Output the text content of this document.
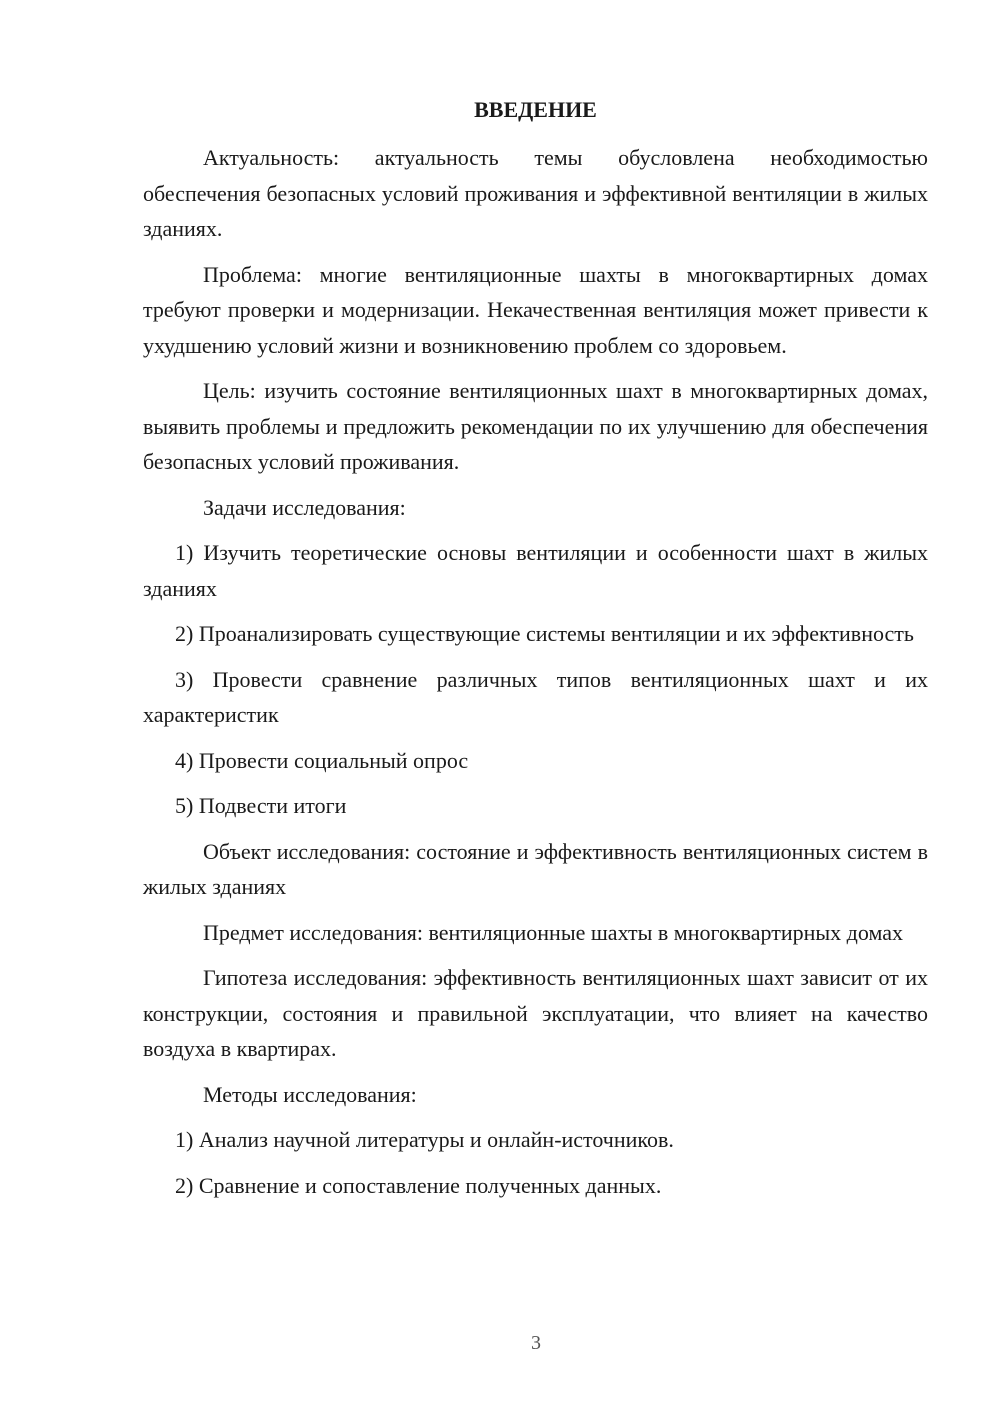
ВВЕДЕНИЕ

Актуальность: актуальность темы обусловлена необходимостью обеспечения безопасных условий проживания и эффективной вентиляции в жилых зданиях.

Проблема: многие вентиляционные шахты в многоквартирных домах требуют проверки и модернизации. Некачественная вентиляция может привести к ухудшению условий жизни и возникновению проблем со здоровьем.

Цель: изучить состояние вентиляционных шахт в многоквартирных домах, выявить проблемы и предложить рекомендации по их улучшению для обеспечения безопасных условий проживания.

Задачи исследования:

1) Изучить теоретические основы вентиляции и особенности шахт в жилых зданиях

2) Проанализировать существующие системы вентиляции и их эффективность

3) Провести сравнение различных типов вентиляционных шахт и их характеристик

4) Провести социальный опрос

5) Подвести итоги

Объект исследования: состояние и эффективность вентиляционных систем в жилых зданиях

Предмет исследования: вентиляционные шахты в многоквартирных домах

Гипотеза исследования: эффективность вентиляционных шахт зависит от их конструкции, состояния и правильной эксплуатации, что влияет на качество воздуха в квартирах.

Методы исследования:

1) Анализ научной литературы и онлайн-источников.

2) Сравнение и сопоставление полученных данных.

3
